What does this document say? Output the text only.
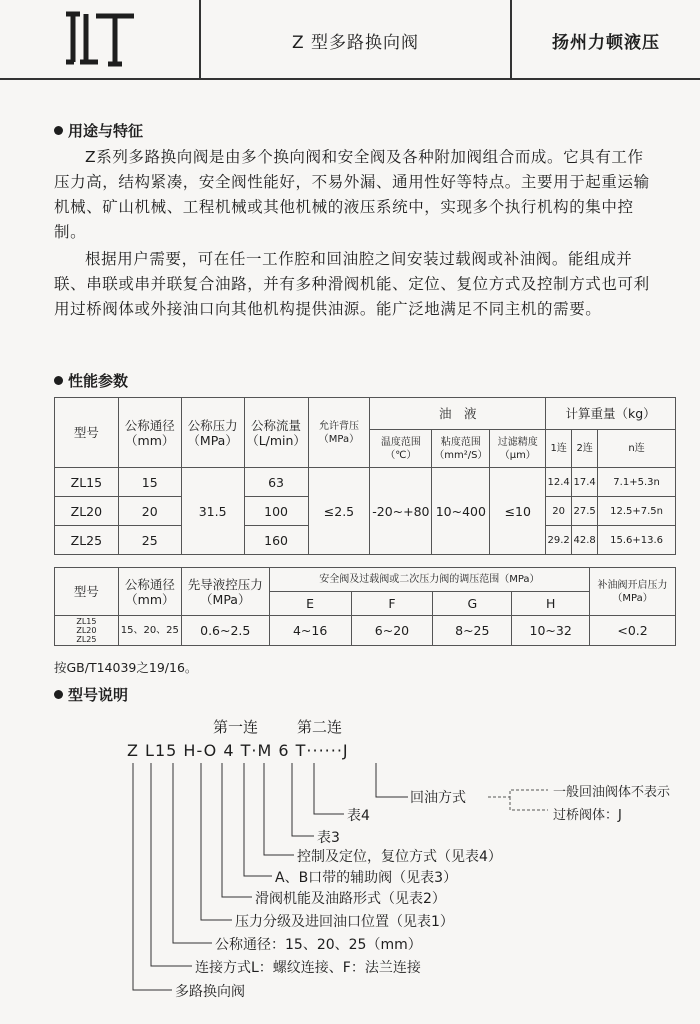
Z 型多路换向阀	扬州力顿液压
用途与特征
Z系列多路换向阀是由多个换向阀和安全阀及各种附加阀组合而成。它具有工作压力高，结构紧凑，安全阀性能好，不易外漏、通用性好等特点。主要用于起重运输机械、矿山机械、工程机械或其他机械的液压系统中，实现多个执行机构的集中控制。
根据用户需要，可在任一工作腔和回油腔之间安装过载阀或补油阀。能组成并联、串联或串并联复合油路，并有多种滑阀机能、定位、复位方式及控制方式也可利用过桥阀体或外接油口向其他机构提供油源。能广泛地满足不同主机的需要。
性能参数
型号	公称通径（mm）	公称压力（MPa）	公称流量（L/min）	允许背压（MPa）	油　液			计算重量（kg）		
					温度范围（℃）	粘度范围（mm²/S）	过滤精度（μm）	1连	2连	n连
ZL15	15	31.5	63	≤2.5	-20~+80	10~400	≤10	12.4	17.4	7.1+5.3n
ZL20	20		100					20	27.5	12.5+7.5n
ZL25	25		160					29.2	42.8	15.6+13.6
型号	公称通径（mm）	先导液控压力（MPa）	安全阀及过载阀或二次压力阀的调压范围（MPa）				补油阀开启压力（MPa）
			E	F	G	H	

ZL15
ZL20
ZL25	15、20、25	0.6~2.5	4~16	6~20	8~25	10~32	<0.2
按GB/T14039之19/16。
型号说明
第一连	第二连
Z L15 H-O 4 T·M 6 T······J
回油方式	一般回油阀体不表示
过桥阀体：J
表4
表3
控制及定位，复位方式（见表4）
A、B口带的辅助阀（见表3）
滑阀机能及油路形式（见表2）
压力分级及进回油口位置（见表1）
公称通径：15、20、25（mm）
连接方式L：螺纹连接、F：法兰连接
多路换向阀
